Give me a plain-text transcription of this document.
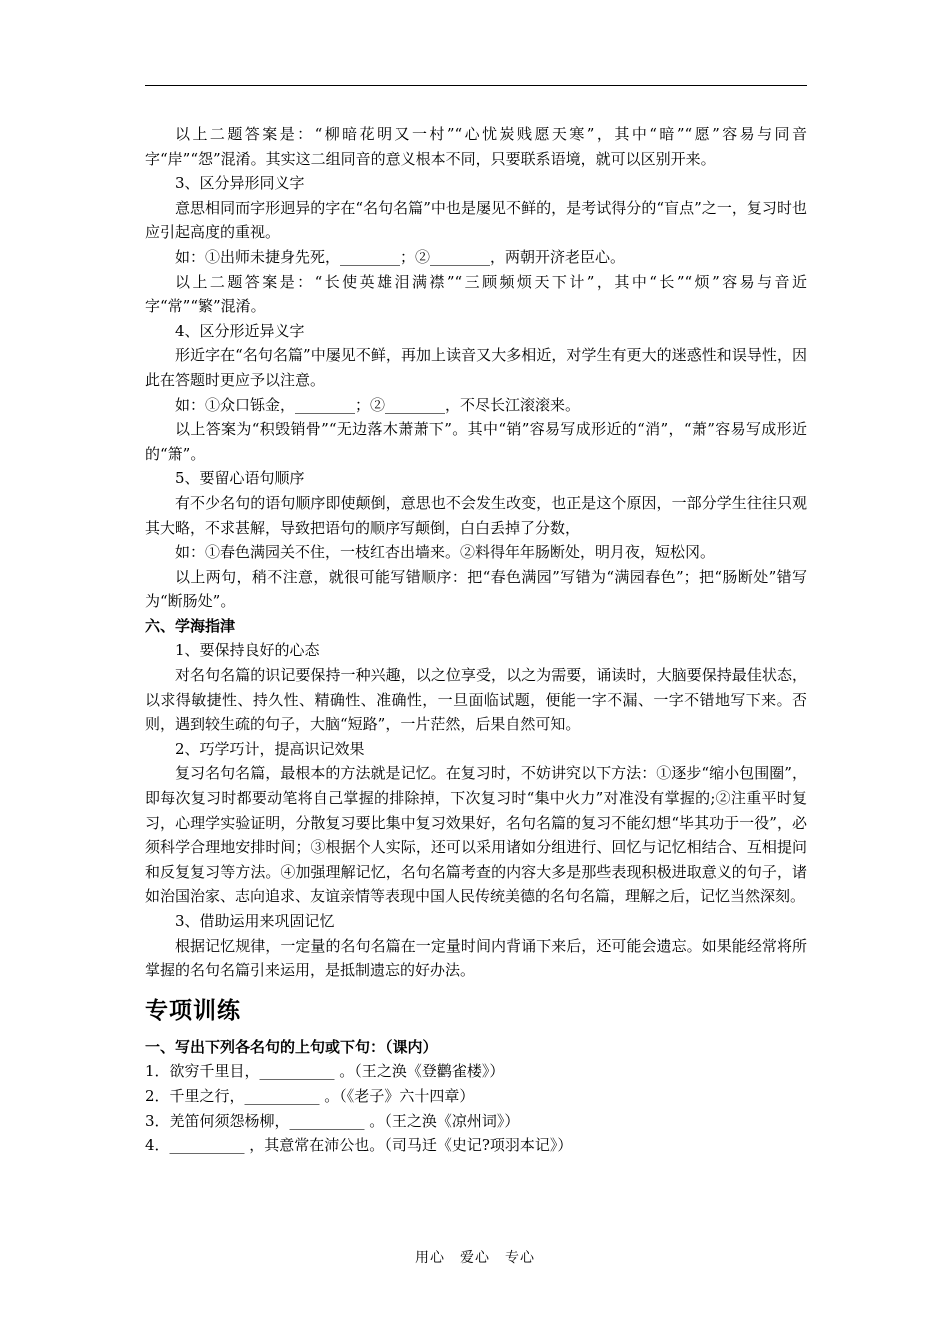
以上二题答案是：“柳暗花明又一村”“心忧炭贱愿天寒”，其中“暗”“愿”容易与同音字“岸”“怨”混淆。其实这二组同音的意义根本不同，只要联系语境，就可以区别开来。

3、区分异形同义字

意思相同而字形迥异的字在“名句名篇”中也是屡见不鲜的，是考试得分的“盲点”之一，复习时也应引起高度的重视。

如：①出师未捷身先死，________；②________，两朝开济老臣心。

以上二题答案是：“长使英雄泪满襟”“三顾频烦天下计”，其中“长”“烦”容易与音近字“常”“繁”混淆。

4、区分形近异义字

形近字在“名句名篇”中屡见不鲜，再加上读音又大多相近，对学生有更大的迷惑性和误导性，因此在答题时更应予以注意。

如：①众口铄金，________；②________，不尽长江滚滚来。

以上答案为“积毁销骨”“无边落木萧萧下”。其中“销”容易写成形近的“消”，“萧”容易写成形近的“箫”。

5、要留心语句顺序

有不少名句的语句顺序即使颠倒，意思也不会发生改变，也正是这个原因，一部分学生往往只观其大略，不求甚解，导致把语句的顺序写颠倒，白白丢掉了分数，

如：①春色满园关不住，一枝红杏出墙来。②料得年年肠断处，明月夜，短松冈。

以上两句，稍不注意，就很可能写错顺序：把“春色满园”写错为“满园春色”；把“肠断处”错写为“断肠处”。

六、学海指津

1、要保持良好的心态

对名句名篇的识记要保持一种兴趣，以之位享受，以之为需要，诵读时，大脑要保持最佳状态，以求得敏捷性、持久性、精确性、准确性，一旦面临试题，便能一字不漏、一字不错地写下来。否则，遇到较生疏的句子，大脑“短路”，一片茫然，后果自然可知。

2、巧学巧计，提高识记效果

复习名句名篇，最根本的方法就是记忆。在复习时，不妨讲究以下方法：①逐步“缩小包围圈”，即每次复习时都要动笔将自己掌握的排除掉，下次复习时“集中火力”对准没有掌握的;②注重平时复习，心理学实验证明，分散复习要比集中复习效果好，名句名篇的复习不能幻想“毕其功于一役”，必须科学合理地安排时间；③根据个人实际，还可以采用诸如分组进行、回忆与记忆相结合、互相提问和反复复习等方法。④加强理解记忆，名句名篇考查的内容大多是那些表现积极进取意义的句子，诸如治国治家、志向追求、友谊亲情等表现中国人民传统美德的名句名篇，理解之后，记忆当然深刻。

3、借助运用来巩固记忆

根据记忆规律，一定量的名句名篇在一定量时间内背诵下来后，还可能会遗忘。如果能经常将所掌握的名句名篇引来运用，是抵制遗忘的好办法。

专项训练

一、写出下列各名句的上句或下句：（课内）

1．欲穷千里目，__________ 。（王之涣《登鹳雀楼》）

2．千里之行，__________ 。（《老子》六十四章）

3．羌笛何须怨杨柳，__________ 。（王之涣《凉州词》）

4．__________ ，其意常在沛公也。（司马迁《史记?项羽本记》）

用心　爱心　专心
